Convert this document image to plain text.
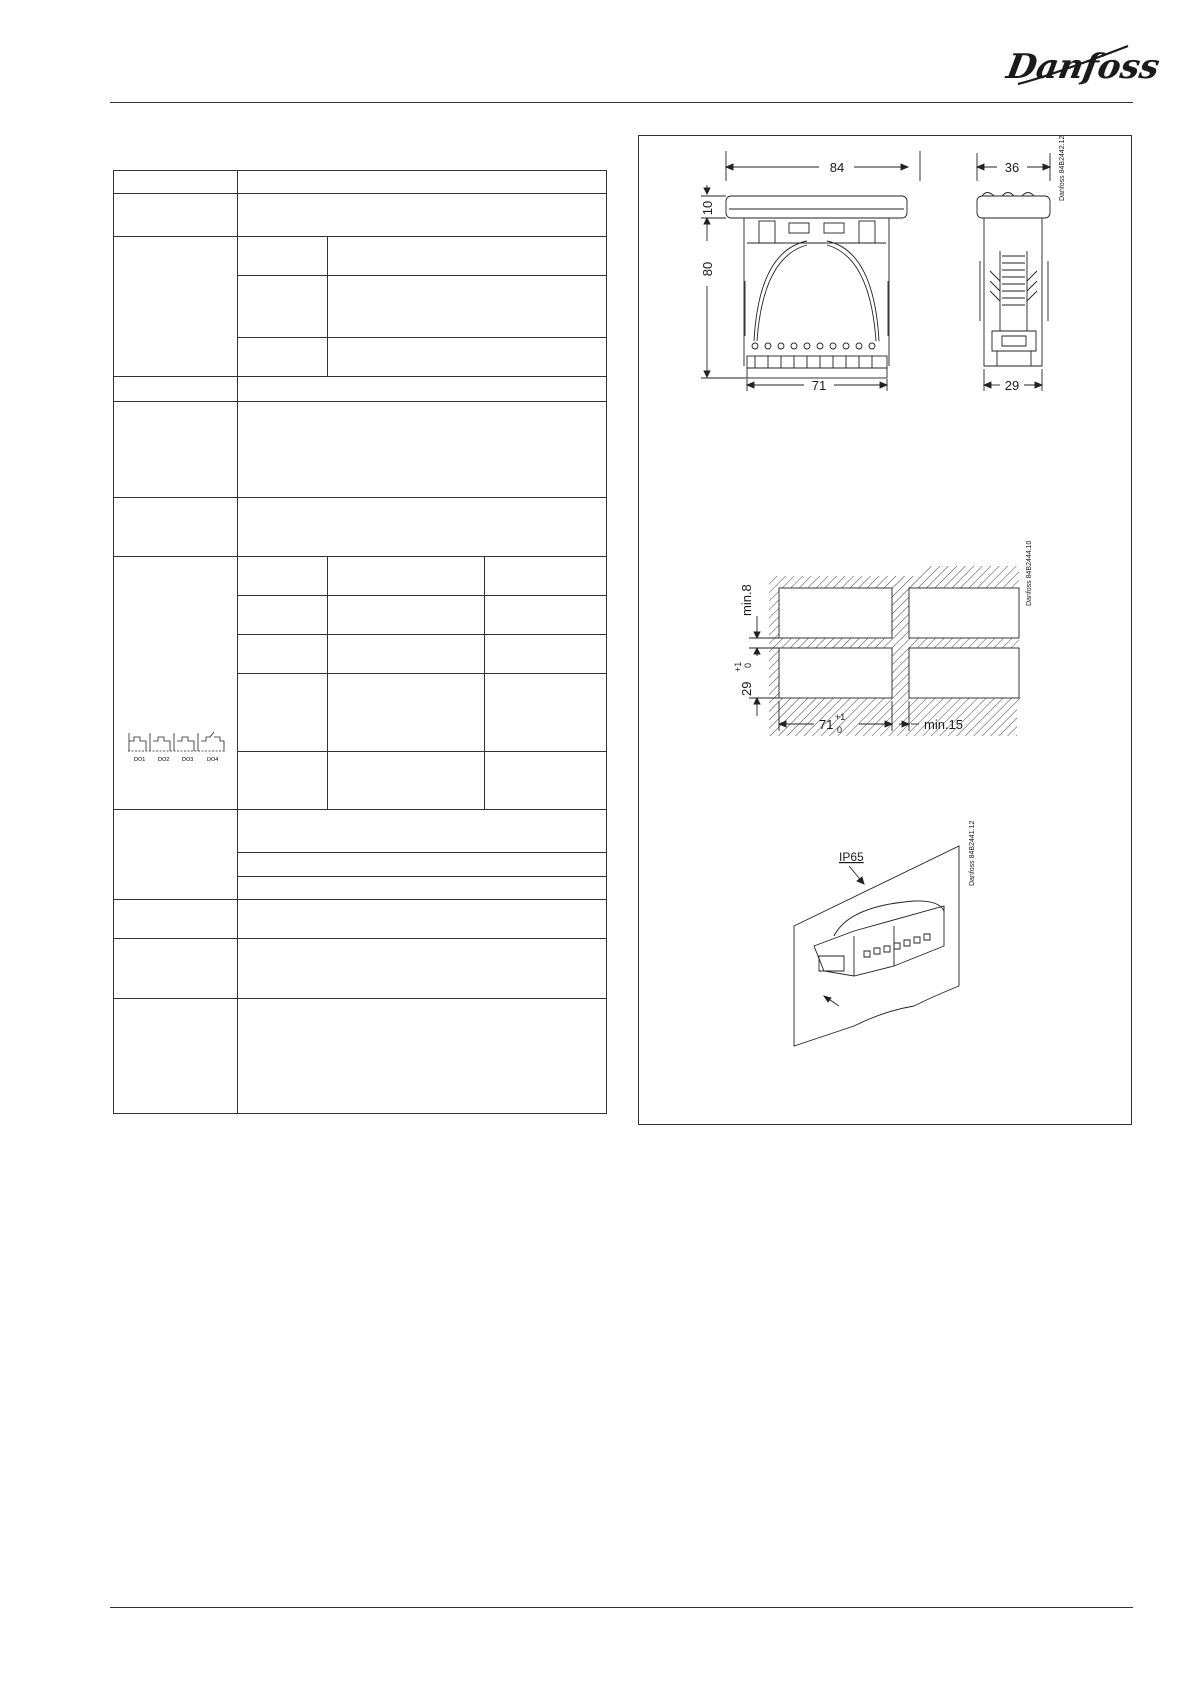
Danfoss

DO1 DO2 DO3 DO4			

84
71
80
10
36
29
Danfoss 84B2442.12
min.8
29
+1 0
71 +1
0	min.15
Danfoss 84B2444.10
IP65	Danfoss 84B2441.12
